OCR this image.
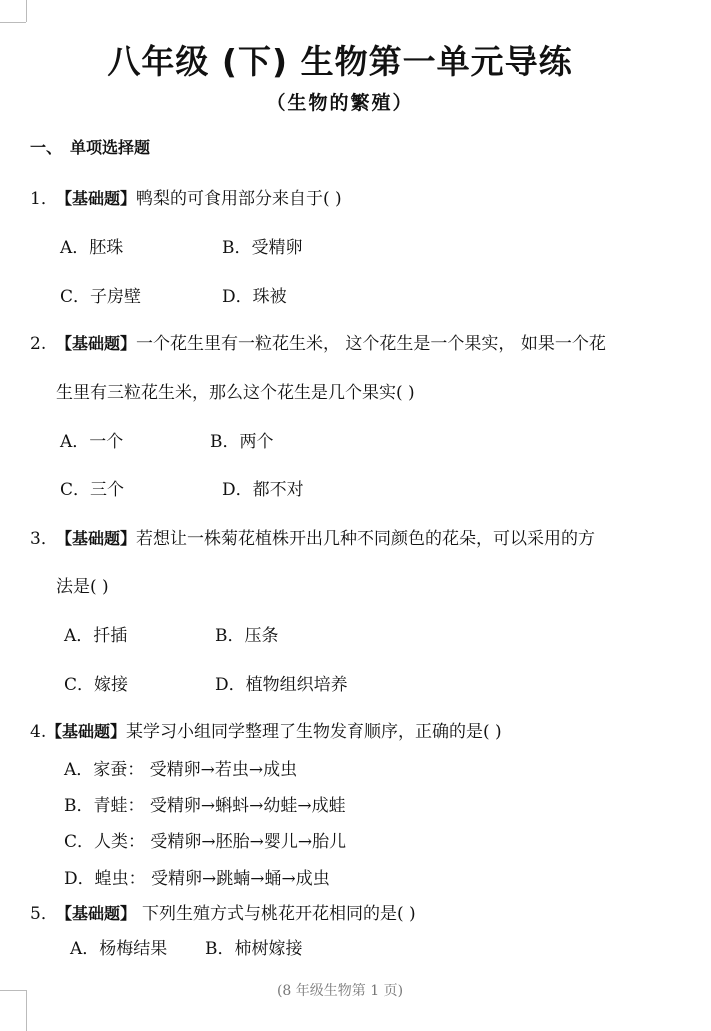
八年级 (下) 生物第一单元导练
（生物的繁殖）
一、 单项选择题
1．【基础题】鸭梨的可食用部分来自于( )
A．胚珠	B．受精卵
C．子房壁	D．珠被
2. 【基础题】一个花生里有一粒花生米， 这个花生是一个果实， 如果一个花
生里有三粒花生米，那么这个花生是几个果实( )
A．一个	B．两个
C．三个	D．都不对
3．【基础题】若想让一株菊花植株开出几种不同颜色的花朵，可以采用的方
法是( )
A．扦插	B．压条
C．嫁接	D．植物组织培养
4.【基础题】某学习小组同学整理了生物发育顺序，正确的是( )
A．家蚕： 受精卵→若虫→成虫
B．青蛙： 受精卵→蝌蚪→幼蛙→成蛙
C．人类： 受精卵→胚胎→婴儿→胎儿
D．蝗虫： 受精卵→跳蝻→蛹→成虫
5．【基础题】 下列生殖方式与桃花开花相同的是( )
A．杨梅结果 B．柿树嫁接
(8 年级生物第 1 页)
